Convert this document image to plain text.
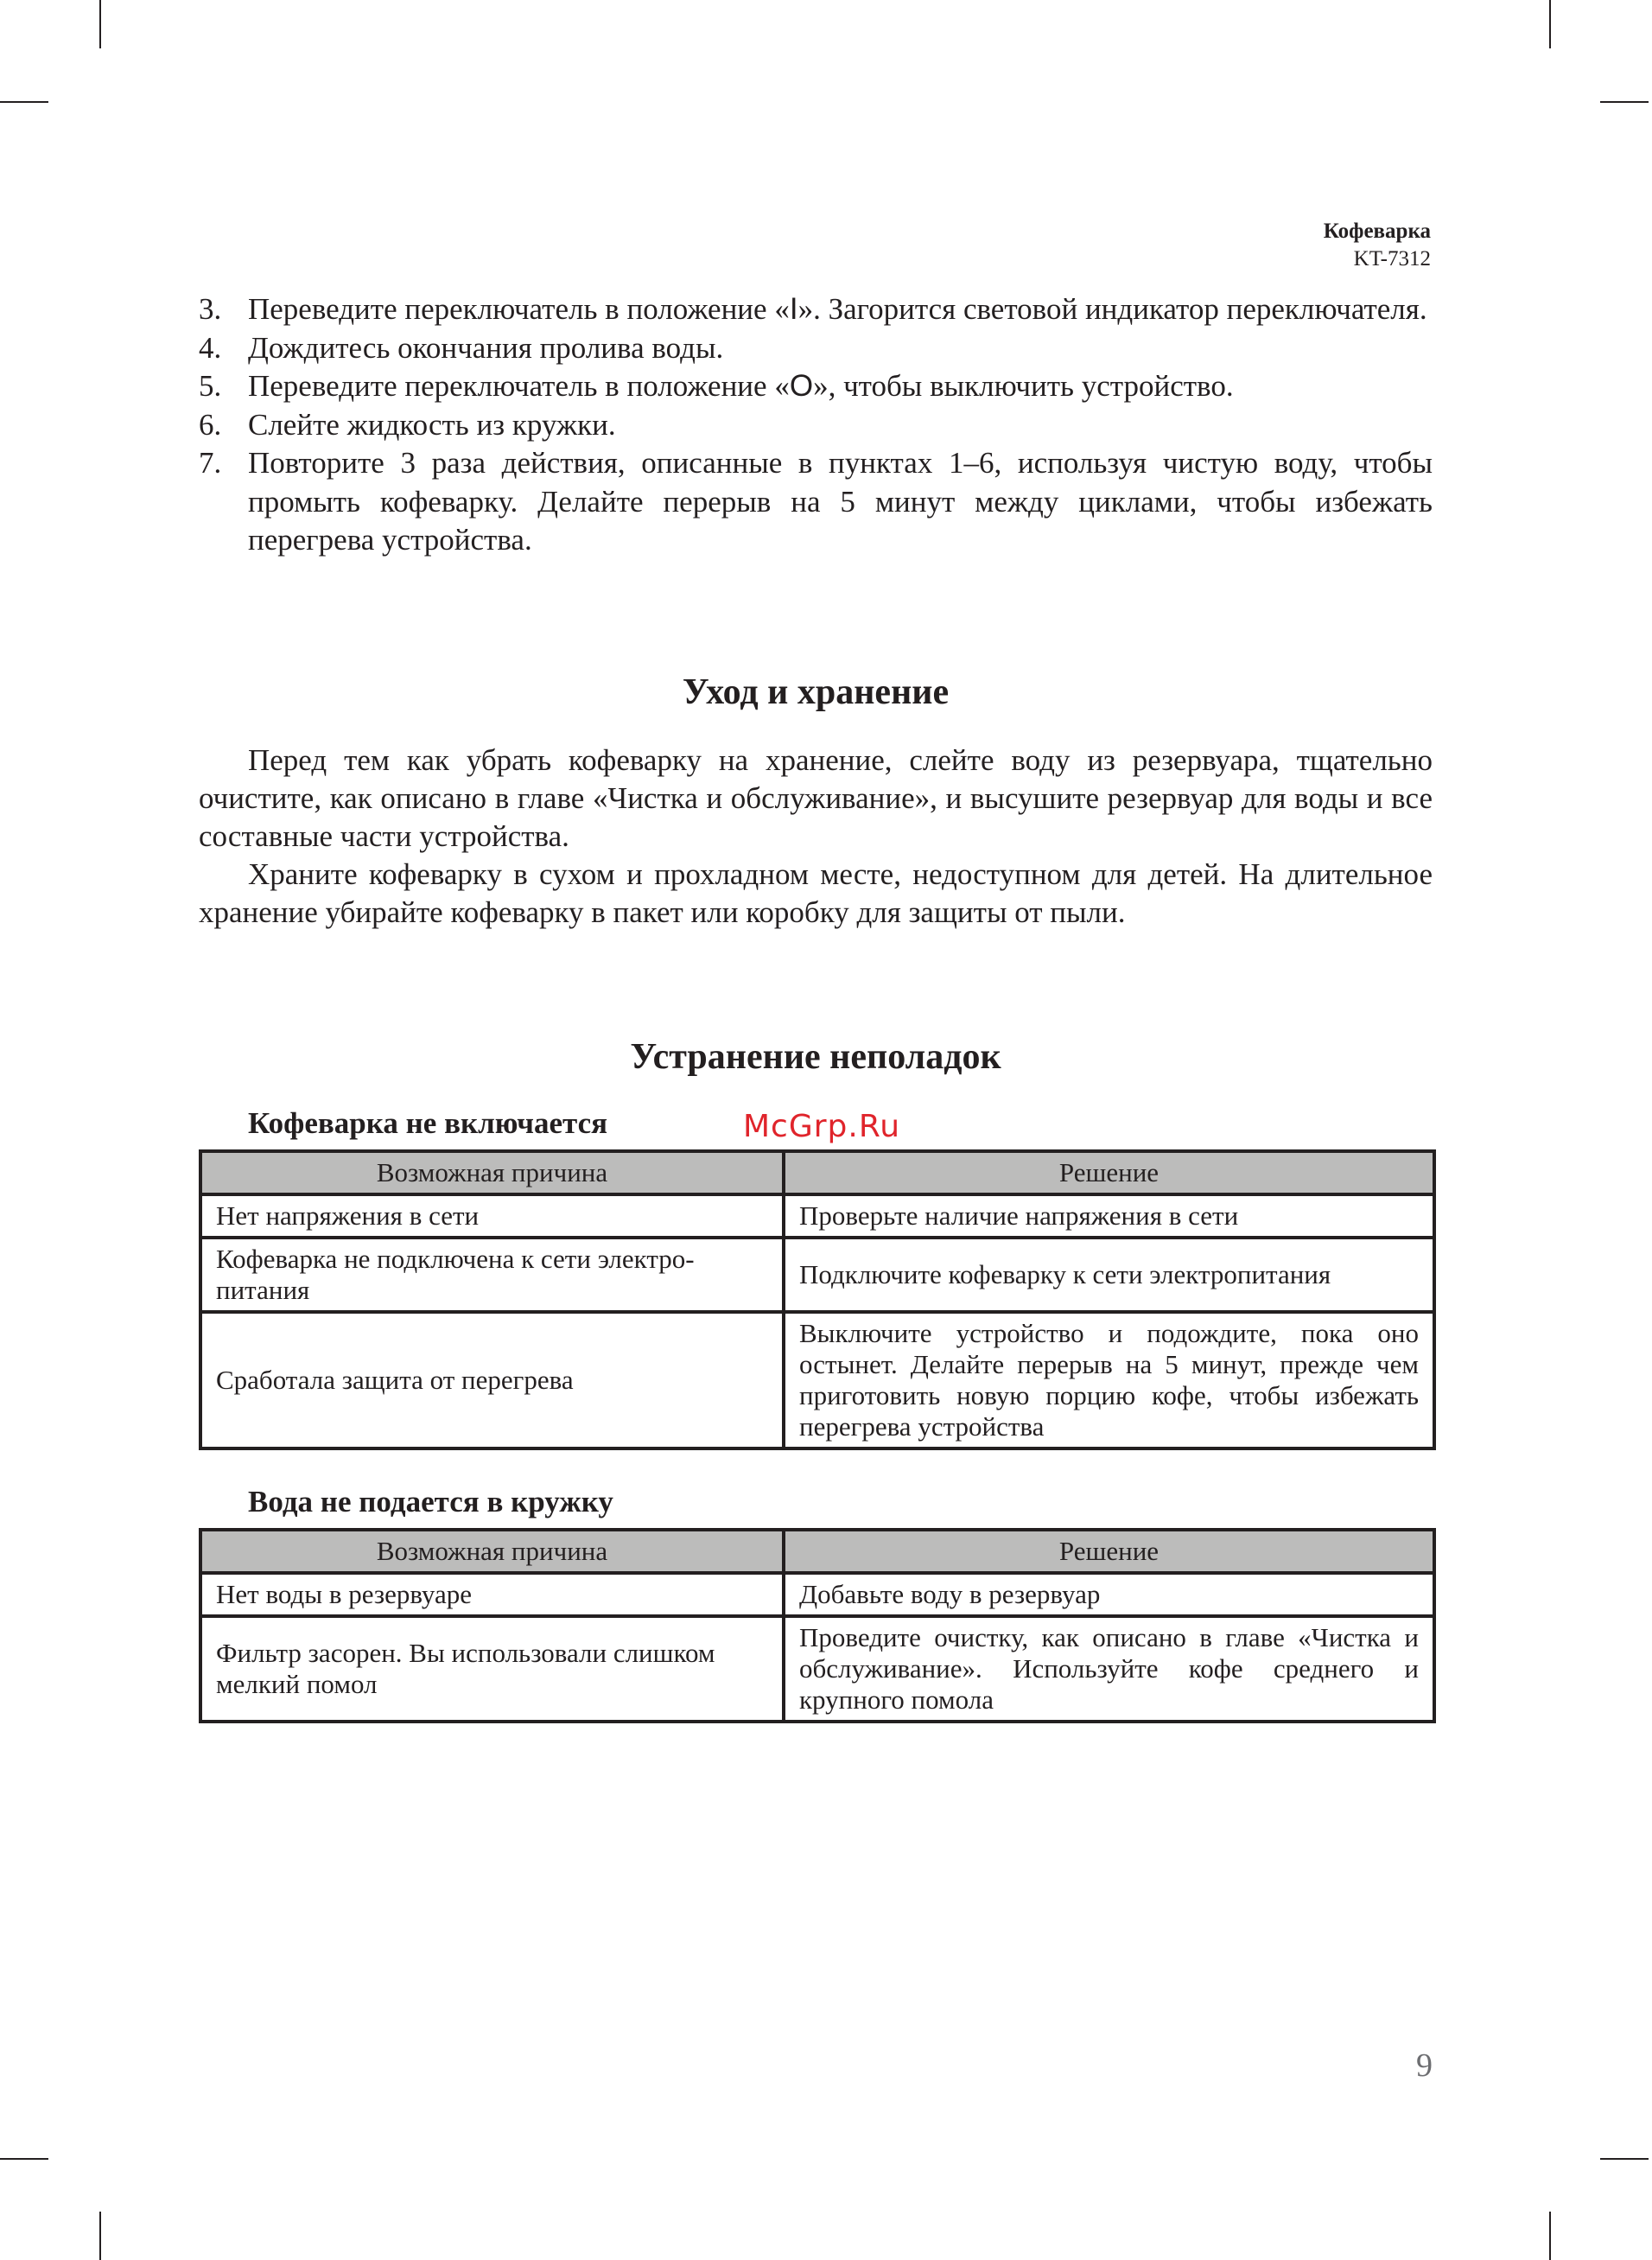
Кофеварка
KT-7312
3. Переведите переключатель в положение «I». Загорится световой индикатор переключателя.
4. Дождитесь окончания пролива воды.
5. Переведите переключатель в положение «O», чтобы выключить устройство.
6. Слейте жидкость из кружки.
7. Повторите 3 раза действия, описанные в пунктах 1–6, используя чистую воду, чтобы промыть кофеварку. Делайте перерыв на 5 минут между циклами, чтобы избежать перегрева устройства.
Уход и хранение

Перед тем как убрать кофеварку на хранение, слейте воду из резервуара, тщательно очистите, как описано в главе «Чистка и обслуживание», и высушите резервуар для воды и все составные части устройства.

Храните кофеварку в сухом и прохладном месте, недоступном для детей. На длительное хранение убирайте кофеварку в пакет или коробку для защиты от пыли.

Устранение неполадок
Кофеварка не включается
Возможная причина	Решение
Нет напряжения в сети	Проверьте наличие напряжения в сети
Кофеварка не подключена к сети электропитания	Подключите кофеварку к сети электропитания
Сработала защита от перегрева	Выключите устройство и подождите, пока оно остынет. Делайте перерыв на 5 минут, прежде чем приготовить новую порцию кофе, чтобы избежать перегрева устройства
Вода не подается в кружку
Возможная причина	Решение
Нет воды в резервуаре	Добавьте воду в резервуар
Фильтр засорен. Вы использовали слишком мелкий помол	Проведите очистку, как описано в главе «Чистка и обслуживание». Используйте кофе среднего и крупного помола
McGrp.Ru
9
